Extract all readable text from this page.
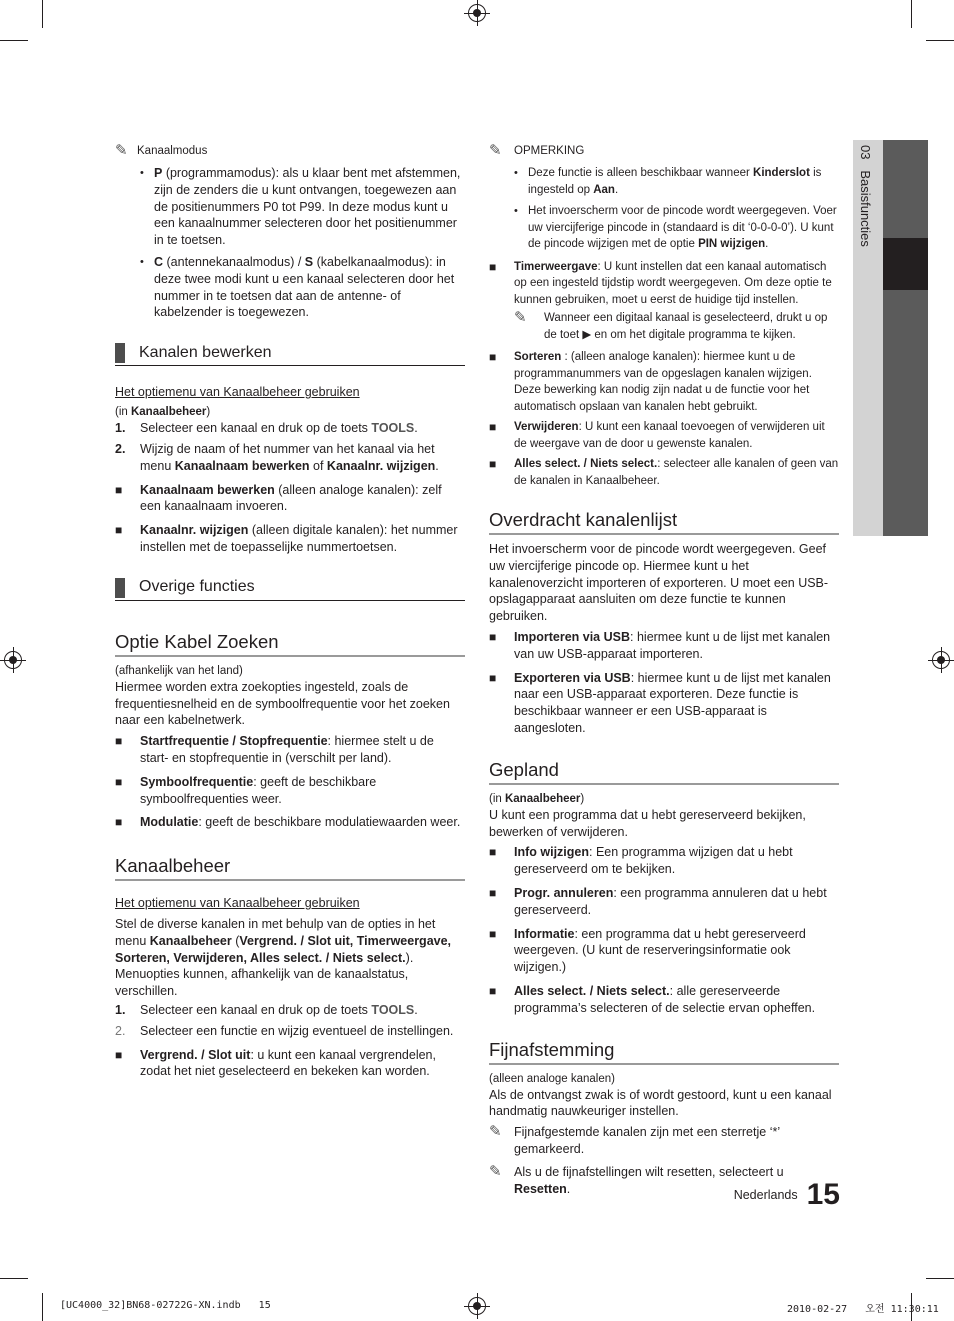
03   Basisfuncties
✎ Kanaalmodus
• P (programmamodus): als u klaar bent met afstemmen, zijn de zenders die u kunt ontvangen, toegewezen aan de positienummers P0 tot P99. In deze modus kunt u een kanaalnummer selecteren door het positienummer in te toetsen.

• C (antennekanaalmodus) / S (kabelkanaalmodus): in deze twee modi kunt u een kanaal selecteren door het nummer in te toetsen dat aan de antenne- of kabelzender is toegewezen.

Kanalen bewerken

Het optiemenu van Kanaalbeheer gebruiken

(in Kanaalbeheer)

1.	Selecteer een kanaal en druk op de toets TOOLS.

2.	Wijzig de naam of het nummer van het kanaal via het menu Kanaalnaam bewerken of Kanaalnr. wijzigen.

■	Kanaalnaam bewerken (alleen analoge kanalen): zelf een kanaalnaam invoeren.

■	Kanaalnr. wijzigen (alleen digitale kanalen): het nummer instellen met de toepasselijke nummertoetsen.

Overige functies
Optie Kabel Zoeken

(afhankelijk van het land)

Hiermee worden extra zoekopties ingesteld, zoals de frequentiesnelheid en de symboolfrequentie voor het zoeken naar een kabelnetwerk.

■	Startfrequentie / Stopfrequentie: hiermee stelt u de start- en stopfrequentie in (verschilt per land).

■	Symboolfrequentie: geeft de beschikbare symboolfrequenties weer.

■	Modulatie: geeft de beschikbare modulatiewaarden weer.

Kanaalbeheer

Het optiemenu van Kanaalbeheer gebruiken

Stel de diverse kanalen in met behulp van de opties in het menu Kanaalbeheer (Vergrend. / Slot uit, Timerweergave, Sorteren, Verwijderen, Alles select. / Niets select.). Menuopties kunnen, afhankelijk van de kanaalstatus, verschillen.

1.	Selecteer een kanaal en druk op de toets TOOLS.

2.	Selecteer een functie en wijzig eventueel de instellingen.

■	Vergrend. / Slot uit: u kunt een kanaal vergrendelen, zodat het niet geselecteerd en bekeken kan worden.

✎	OPMERKING
• Deze functie is alleen beschikbaar wanneer Kinderslot is ingesteld op Aan.

• Het invoerscherm voor de pincode wordt weergegeven. Voer uw viercijferige pincode in (standaard is dit ‘0-0-0-0’). U kunt de pincode wijzigen met de optie PIN wijzigen.

■	Timerweergave: U kunt instellen dat een kanaal automatisch op een ingesteld tijdstip wordt weergegeven. Om deze optie te kunnen gebruiken, moet u eerst de huidige tijd instellen.

✎	Wanneer een digitaal kanaal is geselecteerd, drukt u op de toet ▶ en om het digitale programma te kijken.

■	Sorteren : (alleen analoge kanalen): hiermee kunt u de programmanummers van de opgeslagen kanalen wijzigen. Deze bewerking kan nodig zijn nadat u de functie voor het automatisch opslaan van kanalen hebt gebruikt.

■	Verwijderen: U kunt een kanaal toevoegen of verwijderen uit de weergave van de door u gewenste kanalen.

■	Alles select. / Niets select.: selecteer alle kanalen of geen van de kanalen in Kanaalbeheer.

Overdracht kanalenlijst

Het invoerscherm voor de pincode wordt weergegeven. Geef uw viercijferige pincode op. Hiermee kunt u het kanalenoverzicht importeren of exporteren. U moet een USB-opslagapparaat aansluiten om deze functie te kunnen gebruiken.

■	Importeren via USB: hiermee kunt u de lijst met kanalen van uw USB-apparaat importeren.

■	Exporteren via USB: hiermee kunt u de lijst met kanalen naar een USB-apparaat exporteren. Deze functie is beschikbaar wanneer er een USB-apparaat is aangesloten.

Gepland

(in Kanaalbeheer)

U kunt een programma dat u hebt gereserveerd bekijken, bewerken of verwijderen.

■	Info wijzigen: Een programma wijzigen dat u hebt gereserveerd om te bekijken.

■	Progr. annuleren: een programma annuleren dat u hebt gereserveerd.

■	Informatie: een programma dat u hebt gereserveerd weergeven. (U kunt de reserveringsinformatie ook wijzigen.)

■	Alles select. / Niets select.: alle gereserveerde programma’s selecteren of de selectie ervan opheffen.

Fijnafstemming

(alleen analoge kanalen)

Als de ontvangst zwak is of wordt gestoord, kunt u een kanaal handmatig nauwkeuriger instellen.

✎ Fijnafgestemde kanalen zijn met een sterretje ‘*’ gemarkeerd.

✎ Als u de fijnafstellingen wilt resetten, selecteert u Resetten.	Nederlands 15
[UC4000_32]BN68-02722G-XN.indb   15	2010-02-27   오전 11:30:11
